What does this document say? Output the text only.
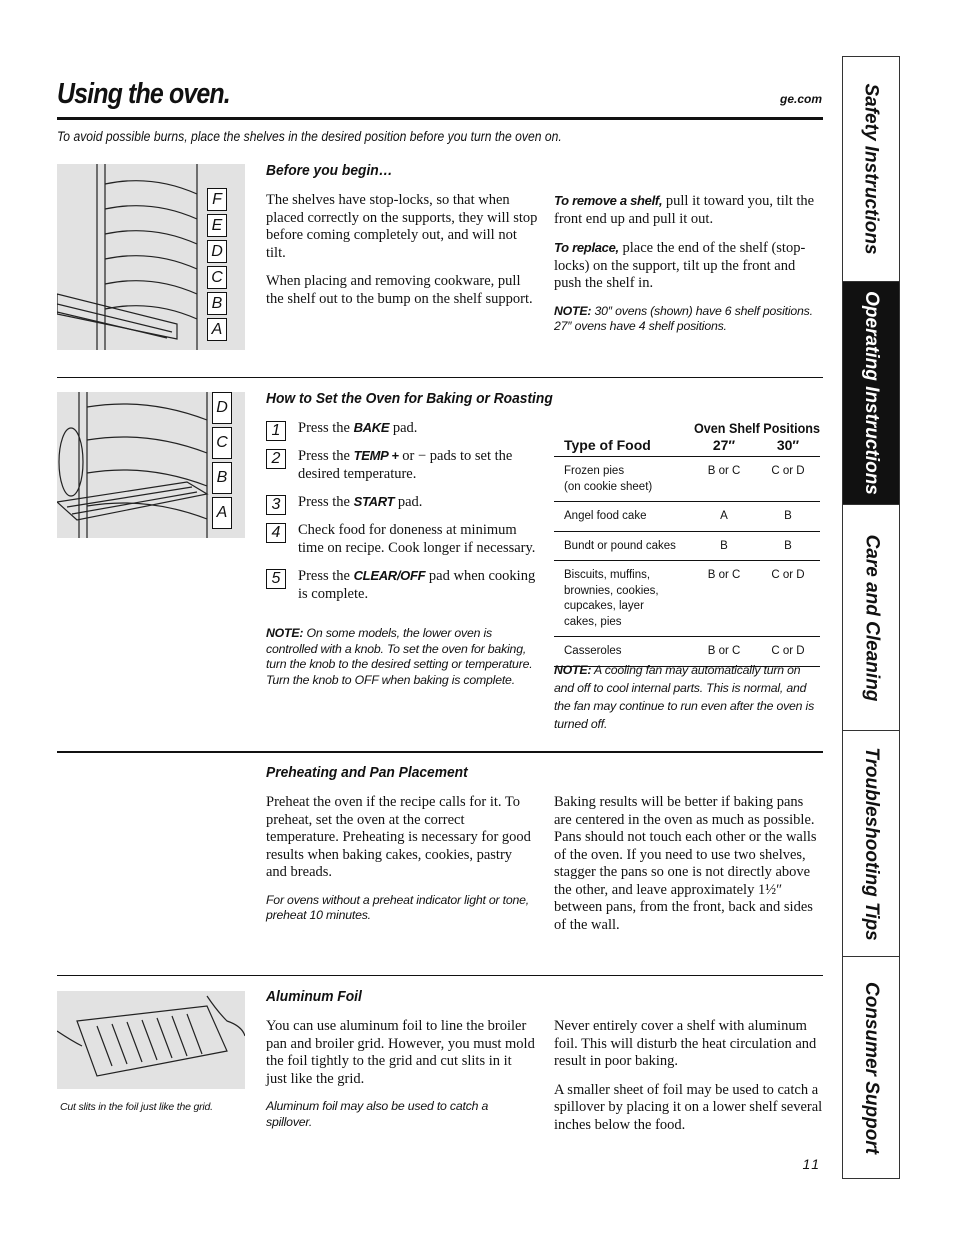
Using the oven.	ge.com
To avoid possible burns, place the shelves in the desired position before you turn the oven on.
F
E
D
C
B
A
Before you begin…

The shelves have stop-locks, so that when placed correctly on the supports, they will stop before coming completely out, and will not tilt.

When placing and removing cookware, pull the shelf out to the bump on the shelf support.

To remove a shelf, pull it toward you, tilt the front end up and pull it out.

To replace, place the end of the shelf (stop-locks) on the support, tilt up the front and push the shelf in.

NOTE: 30″ ovens (shown) have 6 shelf positions. 27″ ovens have 4 shelf positions.
D
C
B
A
How to Set the Oven for Baking or Roasting
1	Press the BAKE pad.
2	Press the TEMP + or − pads to set the desired temperature.
3	Press the START pad.
4	Check food for doneness at minimum time on recipe. Cook longer if necessary.
5	Press the CLEAR/OFF pad when cooking is complete.
NOTE: On some models, the lower oven is controlled with a knob. To set the oven for baking, turn the knob to the desired setting or temperature. Turn the knob to OFF when baking is complete.
Oven Shelf Positions
Type of Food	27″	30″
Frozen pies
(on cookie sheet)
B or C	C or D
Angel food cake	A	B
Bundt or pound cakes	B	B
Biscuits, muffins,
brownies, cookies,
cupcakes, layer
cakes, pies
B or C	C or D
Casseroles	B or C	C or D
NOTE: A cooling fan may automatically turn on and off to cool internal parts. This is normal, and the fan may continue to run even after the oven is turned off.
Preheating and Pan Placement

Preheat the oven if the recipe calls for it. To preheat, set the oven at the correct temperature. Preheating is necessary for good results when baking cakes, cookies, pastry and breads.

For ovens without a preheat indicator light or tone, preheat 10 minutes.

Baking results will be better if baking pans are centered in the oven as much as possible. Pans should not touch each other or the walls of the oven. If you need to use two shelves, stagger the pans so one is not directly above the other, and leave approximately 1½″ between pans, from the front, back and sides of the wall.

Cut slits in the foil just like the grid.
Aluminum Foil

You can use aluminum foil to line the broiler pan and broiler grid. However, you must mold the foil tightly to the grid and cut slits in it just like the grid.

Aluminum foil may also be used to catch a spillover.

Never entirely cover a shelf with aluminum foil. This will disturb the heat circulation and result in poor baking.

A smaller sheet of foil may be used to catch a spillover by placing it on a lower shelf several inches below the food.

11
Safety Instructions
Operating Instructions
Care and Cleaning
Troubleshooting Tips
Consumer Support
